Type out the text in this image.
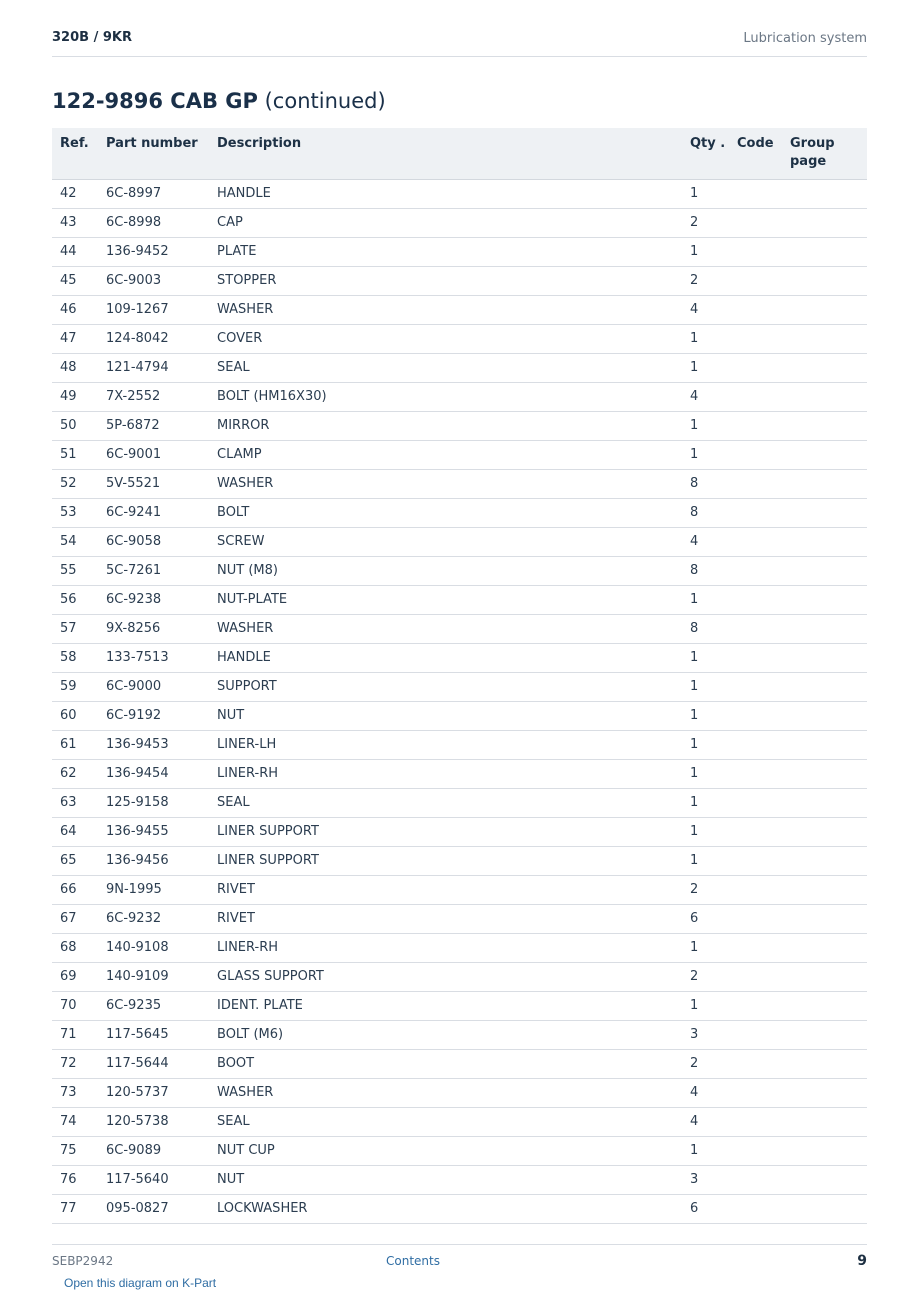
320B / 9KR	Lubrication system
122-9896 CAB GP (continued)
Ref.	Part number	Description	Qty .	Code	Group page
42	6C-8997	HANDLE	1		
43	6C-8998	CAP	2		
44	136-9452	PLATE	1		
45	6C-9003	STOPPER	2		
46	109-1267	WASHER	4		
47	124-8042	COVER	1		
48	121-4794	SEAL	1		
49	7X-2552	BOLT (HM16X30)	4		
50	5P-6872	MIRROR	1		
51	6C-9001	CLAMP	1		
52	5V-5521	WASHER	8		
53	6C-9241	BOLT	8		
54	6C-9058	SCREW	4		
55	5C-7261	NUT (M8)	8		
56	6C-9238	NUT-PLATE	1		
57	9X-8256	WASHER	8		
58	133-7513	HANDLE	1		
59	6C-9000	SUPPORT	1		
60	6C-9192	NUT	1		
61	136-9453	LINER-LH	1		
62	136-9454	LINER-RH	1		
63	125-9158	SEAL	1		
64	136-9455	LINER SUPPORT	1		
65	136-9456	LINER SUPPORT	1		
66	9N-1995	RIVET	2		
67	6C-9232	RIVET	6		
68	140-9108	LINER-RH	1		
69	140-9109	GLASS SUPPORT	2		
70	6C-9235	IDENT. PLATE	1		
71	117-5645	BOLT (M6)	3		
72	117-5644	BOOT	2		
73	120-5737	WASHER	4		
74	120-5738	SEAL	4		
75	6C-9089	NUT CUP	1		
76	117-5640	NUT	3		
77	095-0827	LOCKWASHER	6		
SEBP2942	Contents	9
Open this diagram on K-Part
